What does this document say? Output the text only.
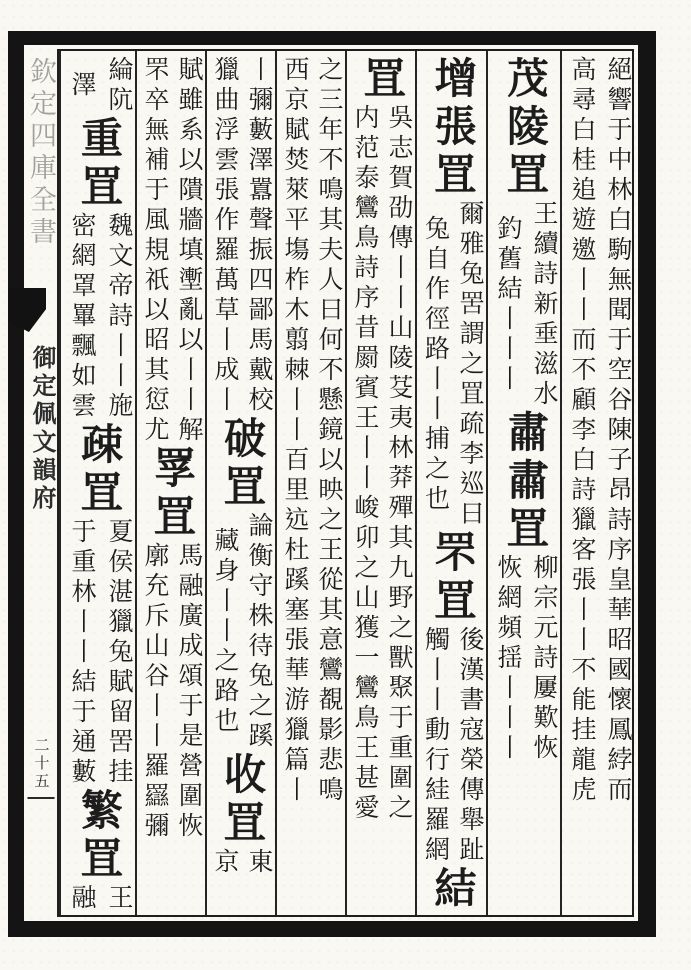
欽定四庫全書
御定佩文韻府
二十五	絕響于中林白駒無聞于空谷陳子昂詩序皇華昭國懷鳳綍而
高尋白桂追遊邀丨丨而不顧李白詩獵客張丨丨不能挂龍虎
茂陵罝
王續詩新垂滋水
釣舊結丨丨丨
肅肅罝
柳宗元詩屢歎恢
恢網頻揺丨丨丨
增
張罝
爾雅兔罟謂之罝疏李巡曰
兔自作徑路丨丨捕之也
罘罝
後漢書寇榮傳舉趾
觸丨丨動行絓羅網
結
罝
吳志賀劭傳丨丨山陵芟夷林莽殫其九野之獸聚于重圍之
内范泰鸞鳥詩序昔罽賓王丨丨峻卯之山獲一鸞鳥王甚愛
之三年不鳴其夫人曰何不懸鏡以映之王從其意鸞覩影悲鳴
西京賦焚萊平塲柞木翦棘丨丨百里迒杜蹊塞張華游獵篇丨
丨彌藪澤囂聲振四鄙馬戴校
獵曲浮雲張作羅萬草丨成丨
破罝
論衡守株待兔之蹊
藏身丨丨之路也
收罝
東
京
賦雖系以隤牆填壍亂以丨丨解
罘卒無補于風規祇以昭其愆尤
罦罝
馬融廣成頌于是營圍恢
廓充斥山谷丨丨羅羉彌
綸阬
澤
重罝
魏文帝詩丨丨施
密網罩罼飄如雲
疎罝
夏侯湛獵兔賦留罟挂
于重林丨丨結于通藪
繁罝
王
融
